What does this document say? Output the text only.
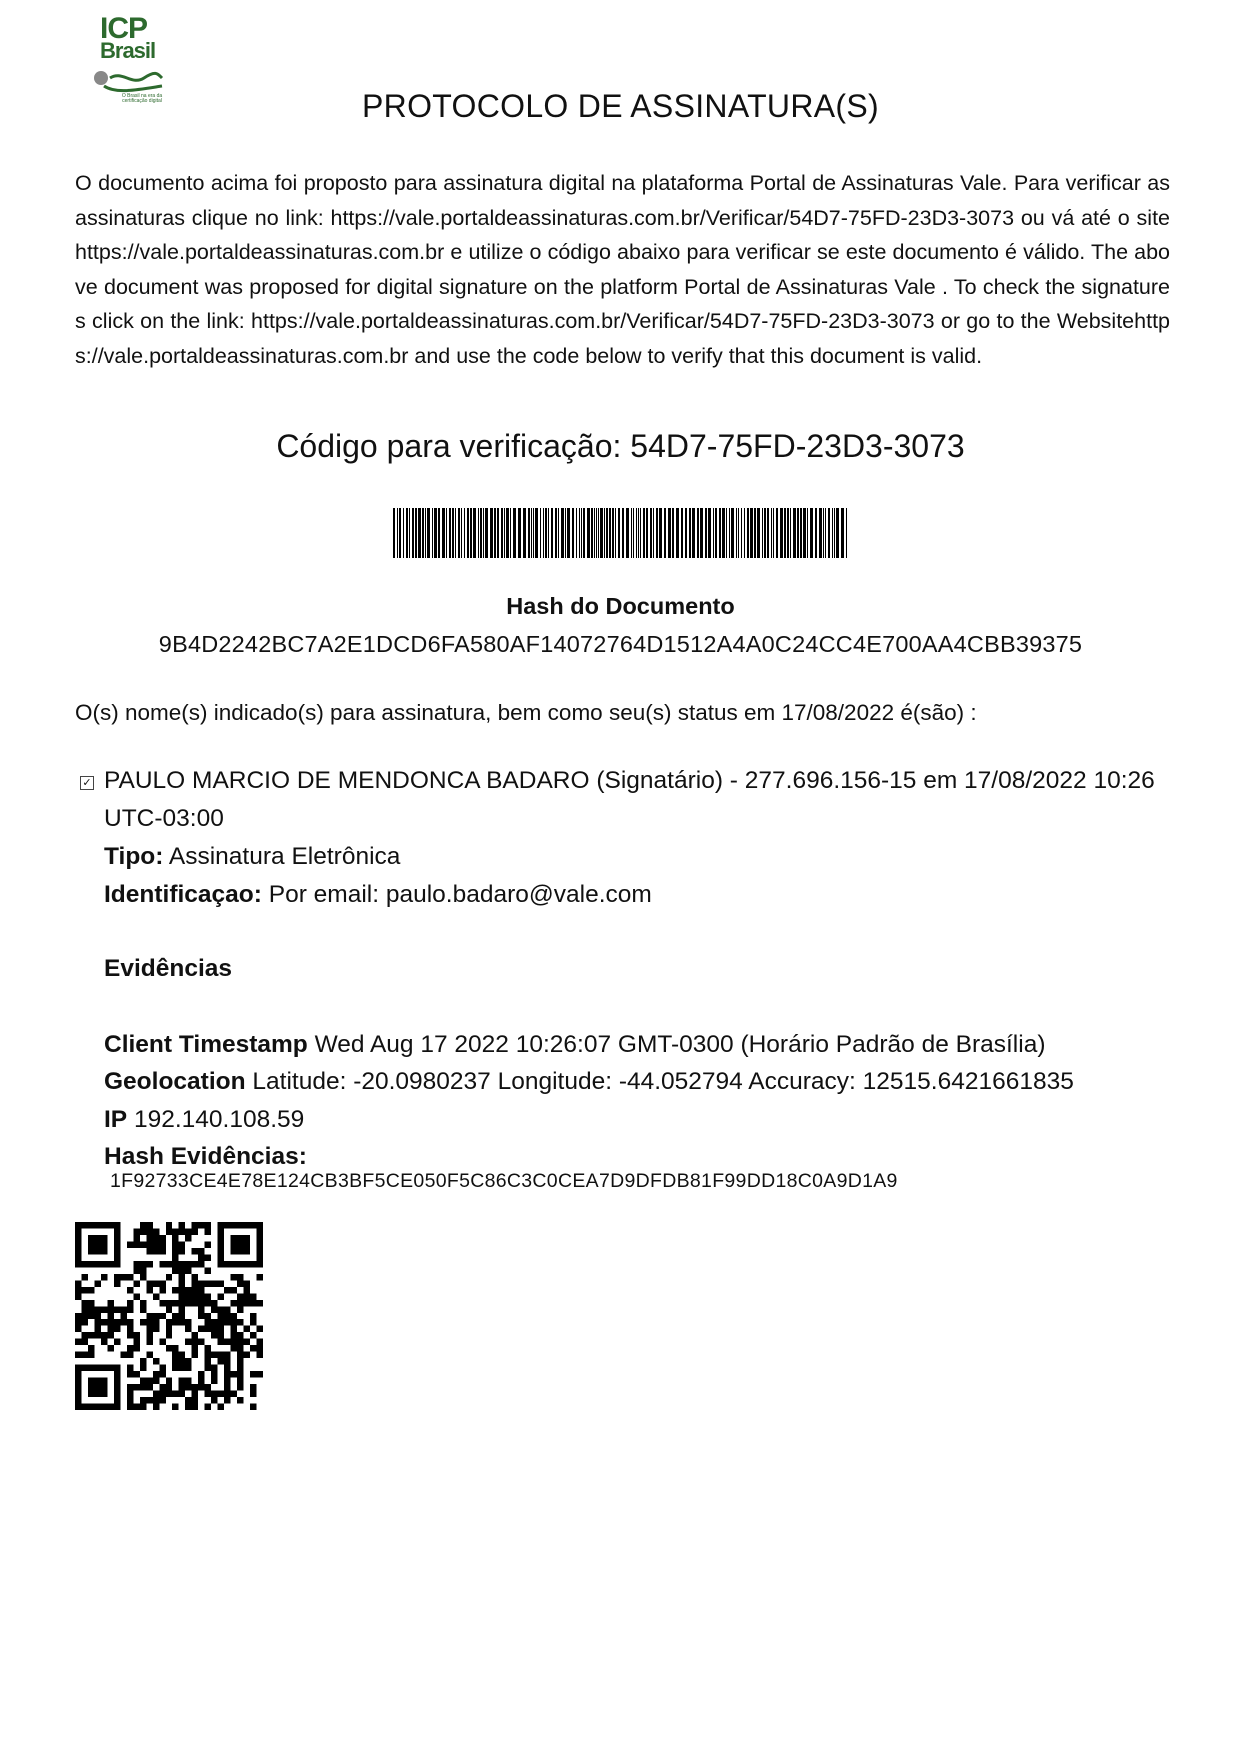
ICP
Brasil
O Brasil na era da certificação digital	PROTOCOLO DE ASSINATURA(S)
O documento acima foi proposto para assinatura digital na plataforma Portal de Assinaturas Vale. Para verificar as assinaturas clique no link: https://vale.portaldeassinaturas.com.br/Verificar/54D7-75FD-23D3-3073 ou vá até o site https://vale.portaldeassinaturas.com.br e utilize o código abaixo para verificar se este documento é válido. The above document was proposed for digital signature on the platform Portal de Assinaturas Vale . To check the signatures click on the link: https://vale.portaldeassinaturas.com.br/Verificar/54D7-75FD-23D3-3073 or go to the Websitehttps://vale.portaldeassinaturas.com.br and use the code below to verify that this document is valid.
Código para verificação: 54D7-75FD-23D3-3073
Hash do Documento
9B4D2242BC7A2E1DCD6FA580AF14072764D1512A4A0C24CC4E700AA4CBB39375
O(s) nome(s) indicado(s) para assinatura, bem como seu(s) status em 17/08/2022 é(são) :
✓ PAULO MARCIO DE MENDONCA BADARO (Signatário) - 277.696.156-15 em 17/08/2022 10:26 UTC-03:00
Tipo: Assinatura Eletrônica
Identificaçao: Por email: paulo.badaro@vale.com
Evidências
Client Timestamp Wed Aug 17 2022 10:26:07 GMT-0300 (Horário Padrão de Brasília)
Geolocation Latitude: -20.0980237 Longitude: -44.052794 Accuracy: 12515.6421661835
IP 192.140.108.59
Hash Evidências:
1F92733CE4E78E124CB3BF5CE050F5C86C3C0CEA7D9DFDB81F99DD18C0A9D1A9
